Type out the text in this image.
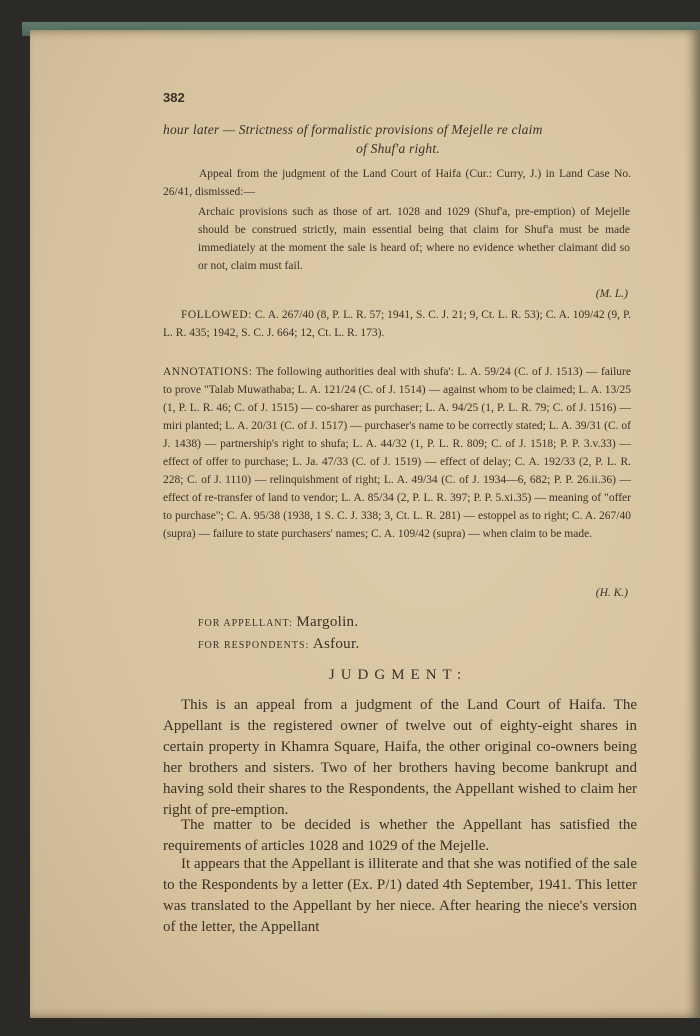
382
hour later — Strictness of formalistic provisions of Mejelle re claim
of Shuf'a right.
Appeal from the judgment of the Land Court of Haifa (Cur.: Curry, J.) in Land Case No. 26/41, dismissed:—
Archaic provisions such as those of art. 1028 and 1029 (Shuf'a, pre-emption) of Mejelle should be construed strictly, main essential being that claim for Shuf'a must be made immediately at the moment the sale is heard of; where no evidence whether claimant did so or not, claim must fail.
(M. L.)
FOLLOWED: C. A. 267/40 (8, P. L. R. 57; 1941, S. C. J. 21; 9, Ct. L. R. 53); C. A. 109/42 (9, P. L. R. 435; 1942, S. C. J. 664; 12, Ct. L. R. 173).
ANNOTATIONS: The following authorities deal with shufa': L. A. 59/24 (C. of J. 1513) — failure to prove "Talab Muwathaba; L. A. 121/24 (C. of J. 1514) — against whom to be claimed; L. A. 13/25 (1, P. L. R. 46; C. of J. 1515) — co-sharer as purchaser; L. A. 94/25 (1, P. L. R. 79; C. of J. 1516) — miri planted; L. A. 20/31 (C. of J. 1517) — purchaser's name to be correctly stated; L. A. 39/31 (C. of J. 1438) — partnership's right to shufa; L. A. 44/32 (1, P. L. R. 809; C. of J. 1518; P. P. 3.v.33) — effect of offer to purchase; L. Ja. 47/33 (C. of J. 1519) — effect of delay; C. A. 192/33 (2, P. L. R. 228; C. of J. 1110) — relinquishment of right; L. A. 49/34 (C. of J. 1934—6, 682; P. P. 26.ii.36) — effect of re-transfer of land to vendor; L. A. 85/34 (2, P. L. R. 397; P. P. 5.xi.35) — meaning of "offer to purchase"; C. A. 95/38 (1938, 1 S. C. J. 338; 3, Ct. L. R. 281) — estoppel as to right; C. A. 267/40 (supra) — failure to state purchasers' names; C. A. 109/42 (supra) — when claim to be made.
(H. K.)
FOR APPELLANT: Margolin.
FOR RESPONDENTS: Asfour.
JUDGMENT:
This is an appeal from a judgment of the Land Court of Haifa. The Appellant is the registered owner of twelve out of eighty-eight shares in certain property in Khamra Square, Haifa, the other original co-owners being her brothers and sisters. Two of her brothers having become bankrupt and having sold their shares to the Respondents, the Appellant wished to claim her right of pre-emption.
The matter to be decided is whether the Appellant has satisfied the requirements of articles 1028 and 1029 of the Mejelle.
It appears that the Appellant is illiterate and that she was notified of the sale to the Respondents by a letter (Ex. P/1) dated 4th September, 1941. This letter was translated to the Appellant by her niece. After hearing the niece's version of the letter, the Appellant
